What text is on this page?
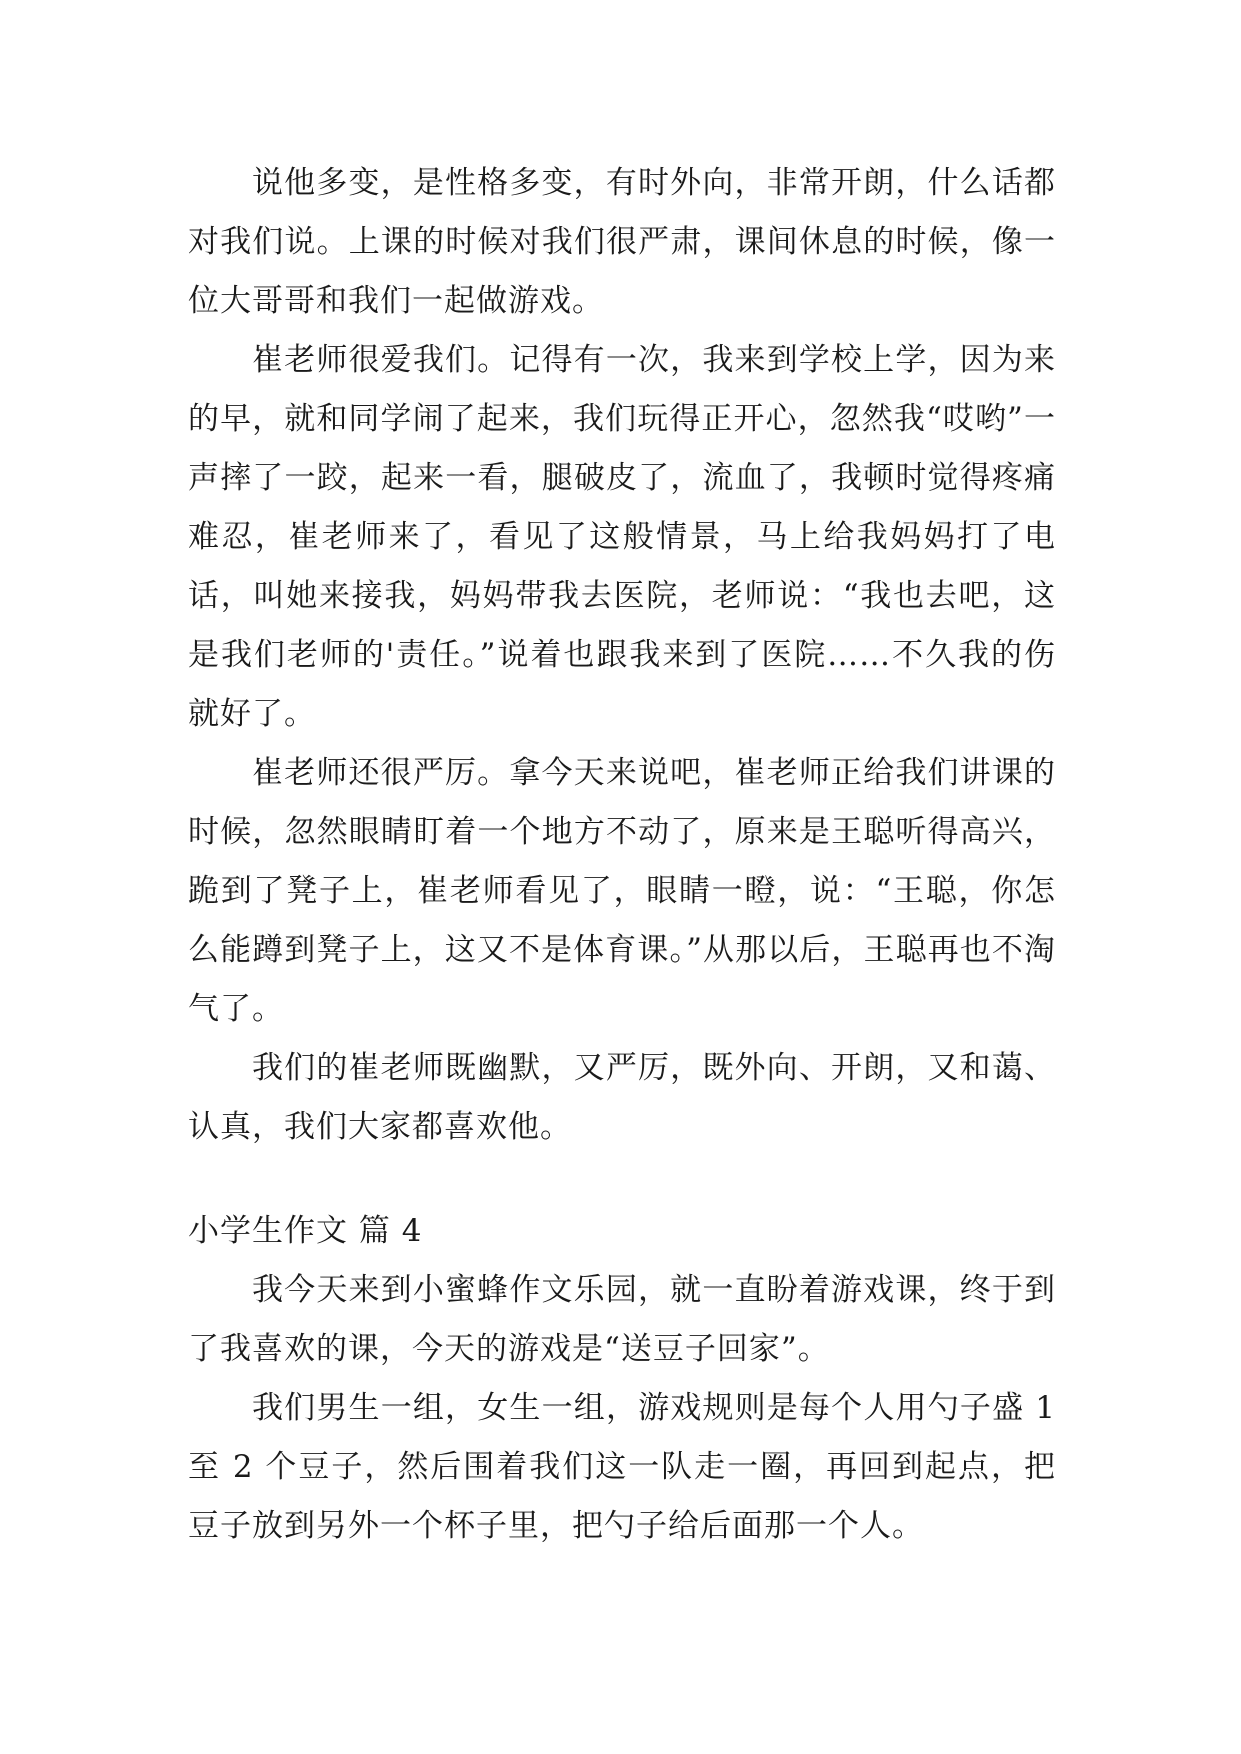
说他多变，是性格多变，有时外向，非常开朗，什么话都对我们说。上课的时候对我们很严肃，课间休息的时候，像一位大哥哥和我们一起做游戏。

崔老师很爱我们。记得有一次，我来到学校上学，因为来的早，就和同学闹了起来，我们玩得正开心，忽然我“哎哟”一声摔了一跤，起来一看，腿破皮了，流血了，我顿时觉得疼痛难忍，崔老师来了，看见了这般情景，马上给我妈妈打了电话，叫她来接我，妈妈带我去医院，老师说：“我也去吧，这是我们老师的'责任。”说着也跟我来到了医院……不久我的伤就好了。

崔老师还很严厉。拿今天来说吧，崔老师正给我们讲课的时候，忽然眼睛盯着一个地方不动了，原来是王聪听得高兴，跪到了凳子上，崔老师看见了，眼睛一瞪，说：“王聪，你怎么能蹲到凳子上，这又不是体育课。”从那以后，王聪再也不淘气了。

我们的崔老师既幽默，又严厉，既外向、开朗，又和蔼、认真，我们大家都喜欢他。

小学生作文 篇 4

我今天来到小蜜蜂作文乐园，就一直盼着游戏课，终于到了我喜欢的课，今天的游戏是“送豆子回家”。

我们男生一组，女生一组，游戏规则是每个人用勺子盛 1 至 2 个豆子，然后围着我们这一队走一圈，再回到起点，把豆子放到另外一个杯子里，把勺子给后面那一个人。
